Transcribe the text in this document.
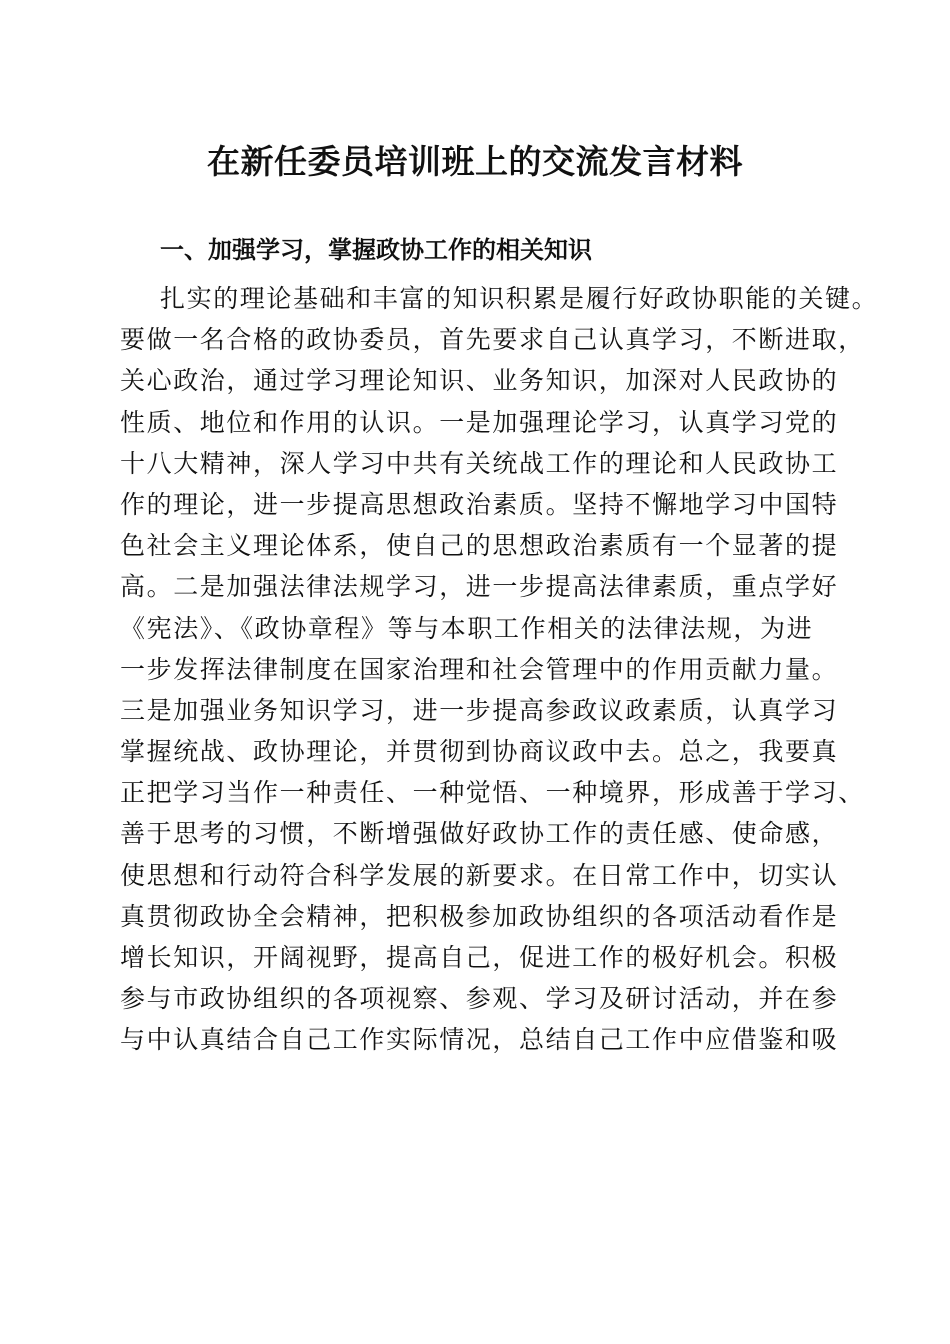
在新任委员培训班上的交流发言材料
一、加强学习，掌握政协工作的相关知识
扎实的理论基础和丰富的知识积累是履行好政协职能的关键。
要做一名合格的政协委员，首先要求自己认真学习，不断进取，
关心政治，通过学习理论知识、业务知识，加深对人民政协的
性质、地位和作用的认识。一是加强理论学习，认真学习党的
十八大精神，深人学习中共有关统战工作的理论和人民政协工
作的理论，进一步提高思想政治素质。坚持不懈地学习中国特
色社会主义理论体系，使自己的思想政治素质有一个显著的提
高。二是加强法律法规学习，进一步提高法律素质，重点学好
《宪法》、《政协章程》等与本职工作相关的法律法规，为进
一步发挥法律制度在国家治理和社会管理中的作用贡献力量。
三是加强业务知识学习，进一步提高参政议政素质，认真学习
掌握统战、政协理论，并贯彻到协商议政中去。总之，我要真
正把学习当作一种责任、一种觉悟、一种境界，形成善于学习、
善于思考的习惯，不断增强做好政协工作的责任感、使命感，
使思想和行动符合科学发展的新要求。在日常工作中，切实认
真贯彻政协全会精神，把积极参加政协组织的各项活动看作是
增长知识，开阔视野，提高自己，促进工作的极好机会。积极
参与市政协组织的各项视察、参观、学习及研讨活动，并在参
与中认真结合自己工作实际情况，总结自己工作中应借鉴和吸
